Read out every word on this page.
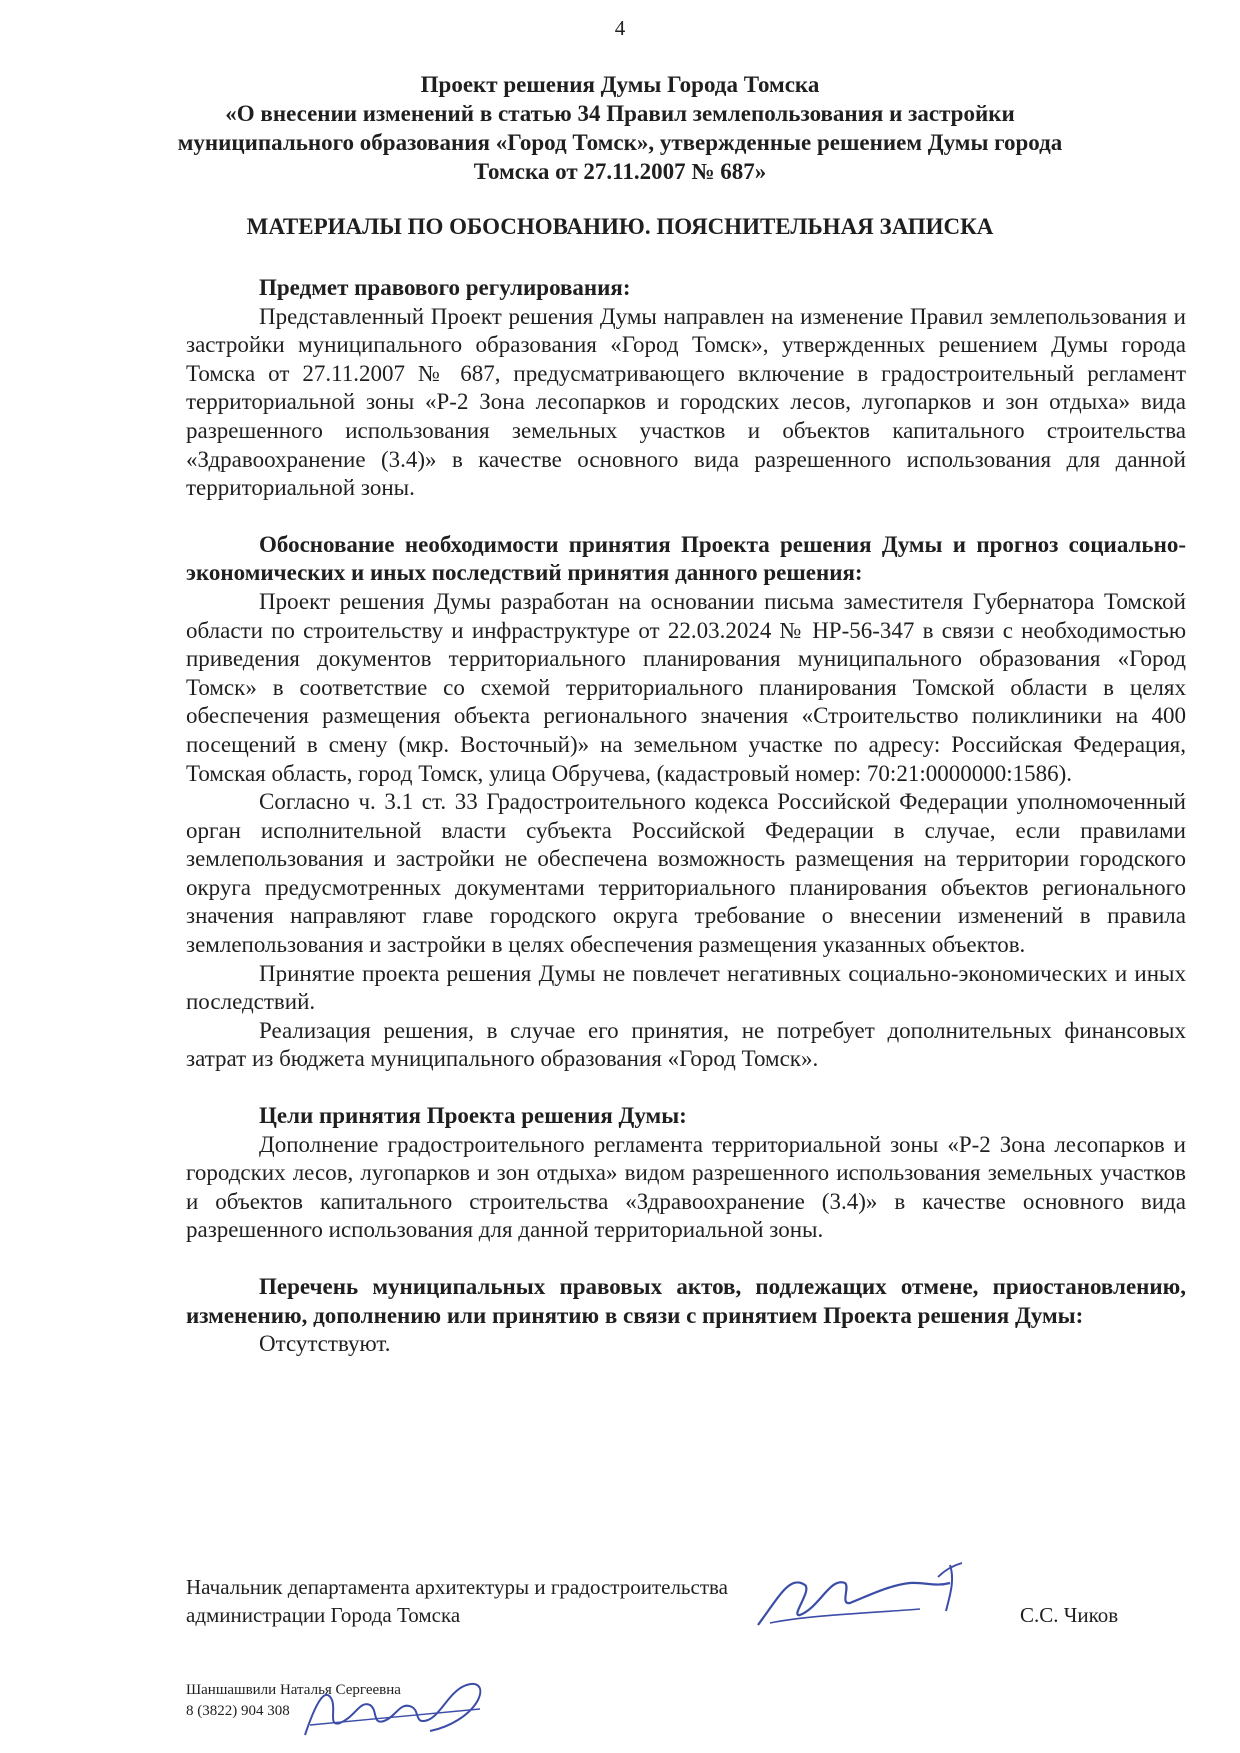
4
Проект решения Думы Города Томска
«О внесении изменений в статью 34 Правил землепользования и застройки муниципального образования «Город Томск», утвержденные решением Думы города Томска от 27.11.2007 № 687»
МАТЕРИАЛЫ ПО ОБОСНОВАНИЮ. ПОЯСНИТЕЛЬНАЯ ЗАПИСКА
Предмет правового регулирования:

Представленный Проект решения Думы направлен на изменение Правил землепользования и застройки муниципального образования «Город Томск», утвержденных решением Думы города Томска от 27.11.2007 № 687, предусматривающего включение в градостроительный регламент территориальной зоны «Р-2 Зона лесопарков и городских лесов, лугопарков и зон отдыха» вида разрешенного использования земельных участков и объектов капитального строительства «Здравоохранение (3.4)» в качестве основного вида разрешенного использования для данной территориальной зоны.

Обоснование необходимости принятия Проекта решения Думы и прогноз социально-экономических и иных последствий принятия данного решения:

Проект решения Думы разработан на основании письма заместителя Губернатора Томской области по строительству и инфраструктуре от 22.03.2024 № НР-56-347 в связи с необходимостью приведения документов территориального планирования муниципального образования «Город Томск» в соответствие со схемой территориального планирования Томской области в целях обеспечения размещения объекта регионального значения «Строительство поликлиники на 400 посещений в смену (мкр. Восточный)» на земельном участке по адресу: Российская Федерация, Томская область, город Томск, улица Обручева, (кадастровый номер: 70:21:0000000:1586).

Согласно ч. 3.1 ст. 33 Градостроительного кодекса Российской Федерации уполномоченный орган исполнительной власти субъекта Российской Федерации в случае, если правилами землепользования и застройки не обеспечена возможность размещения на территории городского округа предусмотренных документами территориального планирования объектов регионального значения направляют главе городского округа требование о внесении изменений в правила землепользования и застройки в целях обеспечения размещения указанных объектов.

Принятие проекта решения Думы не повлечет негативных социально-экономических и иных последствий.

Реализация решения, в случае его принятия, не потребует дополнительных финансовых затрат из бюджета муниципального образования «Город Томск».

Цели принятия Проекта решения Думы:

Дополнение градостроительного регламента территориальной зоны «Р-2 Зона лесопарков и городских лесов, лугопарков и зон отдыха» видом разрешенного использования земельных участков и объектов капитального строительства «Здравоохранение (3.4)» в качестве основного вида разрешенного использования для данной территориальной зоны.

Перечень муниципальных правовых актов, подлежащих отмене, приостановлению, изменению, дополнению или принятию в связи с принятием Проекта решения Думы:

Отсутствуют.

Начальник департамента архитектуры и градостроительства администрации Города Томска	С.С. Чиков
Шаншашвили Наталья Сергеевна
8 (3822) 904 308
